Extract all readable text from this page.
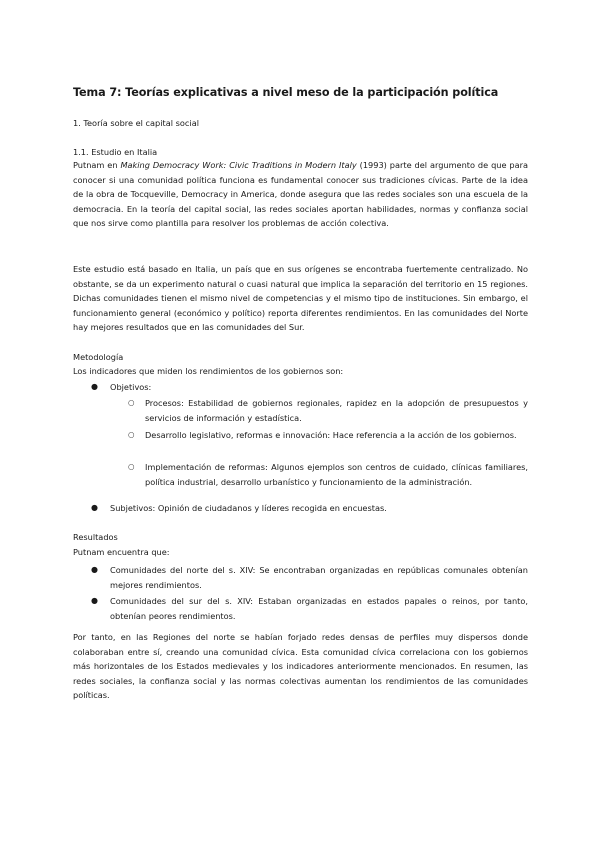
Tema 7: Teorías explicativas a nivel meso de la participación política
1. Teoría sobre el capital social
1.1. Estudio en Italia
Putnam en Making Democracy Work: Civic Traditions in Modern Italy (1993) parte del argumento de que para conocer si una comunidad política funciona es fundamental conocer sus tradiciones cívicas. Parte de la idea de la obra de Tocqueville, Democracy in America, donde asegura que las redes sociales son una escuela de la democracia. En la teoría del capital social, las redes sociales aportan habilidades, normas y confianza social que nos sirve como plantilla para resolver los problemas de acción colectiva.
Este estudio está basado en Italia, un país que en sus orígenes se encontraba fuertemente centralizado. No obstante, se da un experimento natural o cuasi natural que implica la separación del territorio en 15 regiones. Dichas comunidades tienen el mismo nivel de competencias y el mismo tipo de instituciones. Sin embargo, el funcionamiento general (económico y político) reporta diferentes rendimientos. En las comunidades del Norte hay mejores resultados que en las comunidades del Sur.
Metodología
Los indicadores que miden los rendimientos de los gobiernos son:
● Objetivos:
○ Procesos: Estabilidad de gobiernos regionales, rapidez en la adopción de presupuestos y servicios de información y estadística.
○ Desarrollo legislativo, reformas e innovación: Hace referencia a la acción de los gobiernos.
○ Implementación de reformas: Algunos ejemplos son centros de cuidado, clínicas familiares, política industrial, desarrollo urbanístico y funcionamiento de la administración.
● Subjetivos: Opinión de ciudadanos y líderes recogida en encuestas.
Resultados
Putnam encuentra que:
● Comunidades del norte del s. XIV: Se encontraban organizadas en repúblicas comunales obtenían mejores rendimientos.
● Comunidades del sur del s. XIV: Estaban organizadas en estados papales o reinos, por tanto, obtenían peores rendimientos.
Por tanto, en las Regiones del norte se habían forjado redes densas de perfiles muy dispersos donde colaboraban entre sí, creando una comunidad cívica. Esta comunidad cívica correlaciona con los gobiernos más horizontales de los Estados medievales y los indicadores anteriormente mencionados. En resumen, las redes sociales, la confianza social y las normas colectivas aumentan los rendimientos de las comunidades políticas.
